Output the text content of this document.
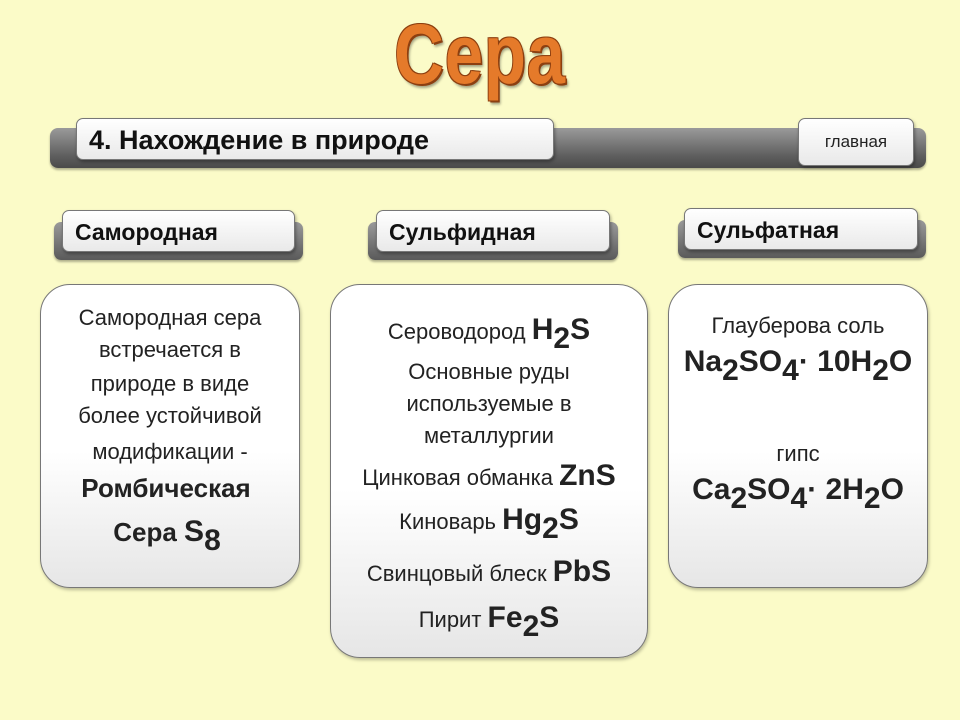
Сера
4. Нахождение в природе	главная
Самородная	Сульфидная	Сульфатная
Самородная сера
встречается в
природе в виде
более устойчивой
модификации -
Ромбическая
Сера $S_8$
Сероводород $H_2S$
Основные руды
используемые в
металлургии
Цинковая обманка ZnS
Киноварь $Hg_2S$
Свинцовый блеск PbS
Пирит $Fe_2S$
Глауберова соль
$Na_2SO_4\cdot 10H_2O$
гипс
$Ca_2SO_4\cdot 2H_2O$
